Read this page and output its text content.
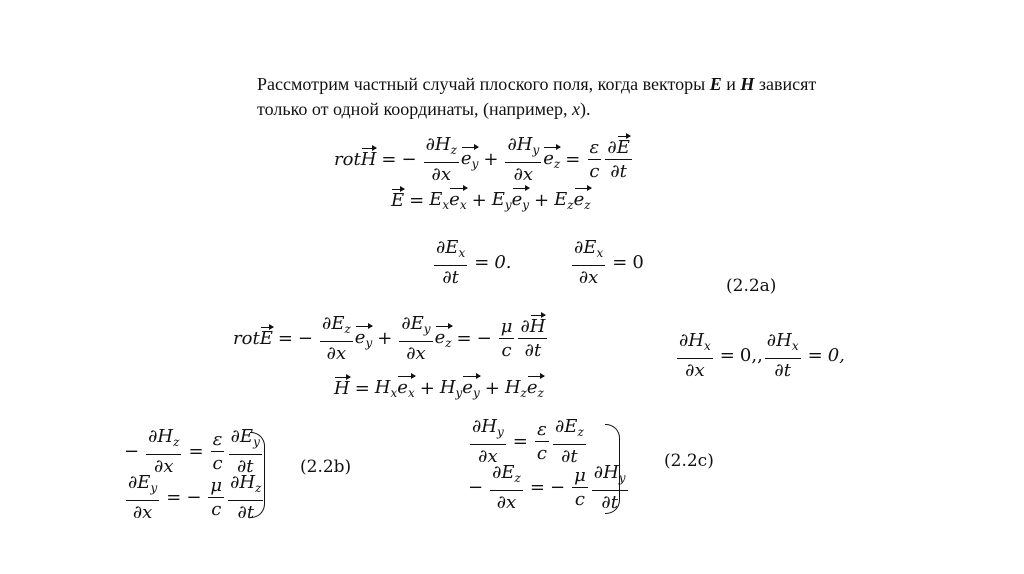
Рассмотрим частный случай плоского поля, когда векторы E и H зависят
только от одной координаты, (например, x).
rot H = − $\frac{\partial H_z}{\partial x} e_y + \frac{\partial H_y}{\partial x} e_z = \frac{\varepsilon}{c} \frac{\partial E}{\partial t}$
$E = E_x$ $e_x + E_y$ $e_y + E_z$ $e_z$
$\frac{\partial E_x}{\partial t} = 0$.	$\frac{\partial E_x}{\partial x} = 0$
(2.2a)
rot E = − $\frac{\partial E_z}{\partial x} e_y + \frac{\partial E_y}{\partial x} e_z$ = − $\frac{\mu}{c} \frac{\partial H}{\partial t}$	$\frac{\partial H_x}{\partial x} = 0$,, $\frac{\partial H_x}{\partial t} = 0$,
$H = H_x$ $e_x + H_y$ $e_y + H_z$ $e_z$
− $\frac{\partial H_z}{\partial x} = \frac{\varepsilon}{c} \frac{\partial E_y}{\partial t}$
$\frac{\partial E_y}{\partial x}$ = − $\frac{\mu}{c} \frac{\partial H_z}{\partial t}$
(2.2b)
$\frac{\partial H_y}{\partial x} = \frac{\varepsilon}{c} \frac{\partial E_z}{\partial t}$
− $\frac{\partial E_z}{\partial x}$ = − $\frac{\mu}{c} \frac{\partial H_y}{\partial t}$
(2.2c)
